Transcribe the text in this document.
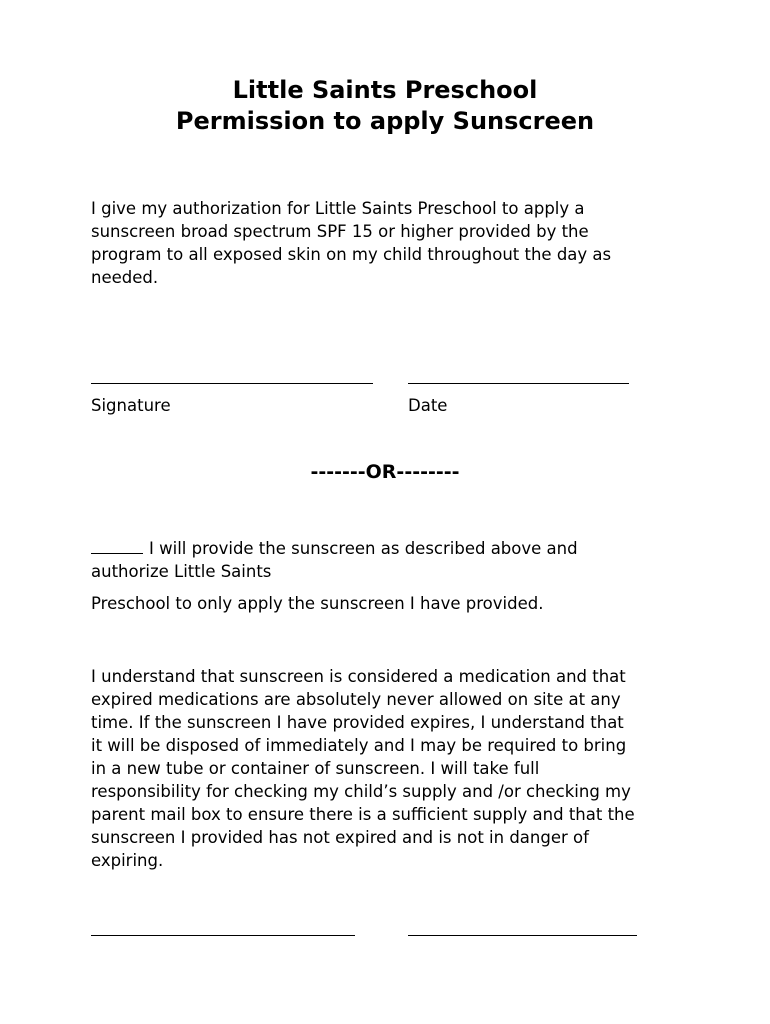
Little Saints Preschool
Permission to apply Sunscreen

I give my authorization for Little Saints Preschool to apply a
sunscreen broad spectrum SPF 15 or higher provided by the
program to all exposed skin on my child throughout the day as
needed.

Signature	Date
-------OR--------
I will provide the sunscreen as described above and
authorize Little Saints

Preschool to only apply the sunscreen I have provided.

I understand that sunscreen is considered a medication and that
expired medications are absolutely never allowed on site at any
time. If the sunscreen I have provided expires, I understand that
it will be disposed of immediately and I may be required to bring
in a new tube or container of sunscreen. I will take full
responsibility for checking my child’s supply and /or checking my
parent mail box to ensure there is a sufficient supply and that the
sunscreen I provided has not expired and is not in danger of
expiring.
